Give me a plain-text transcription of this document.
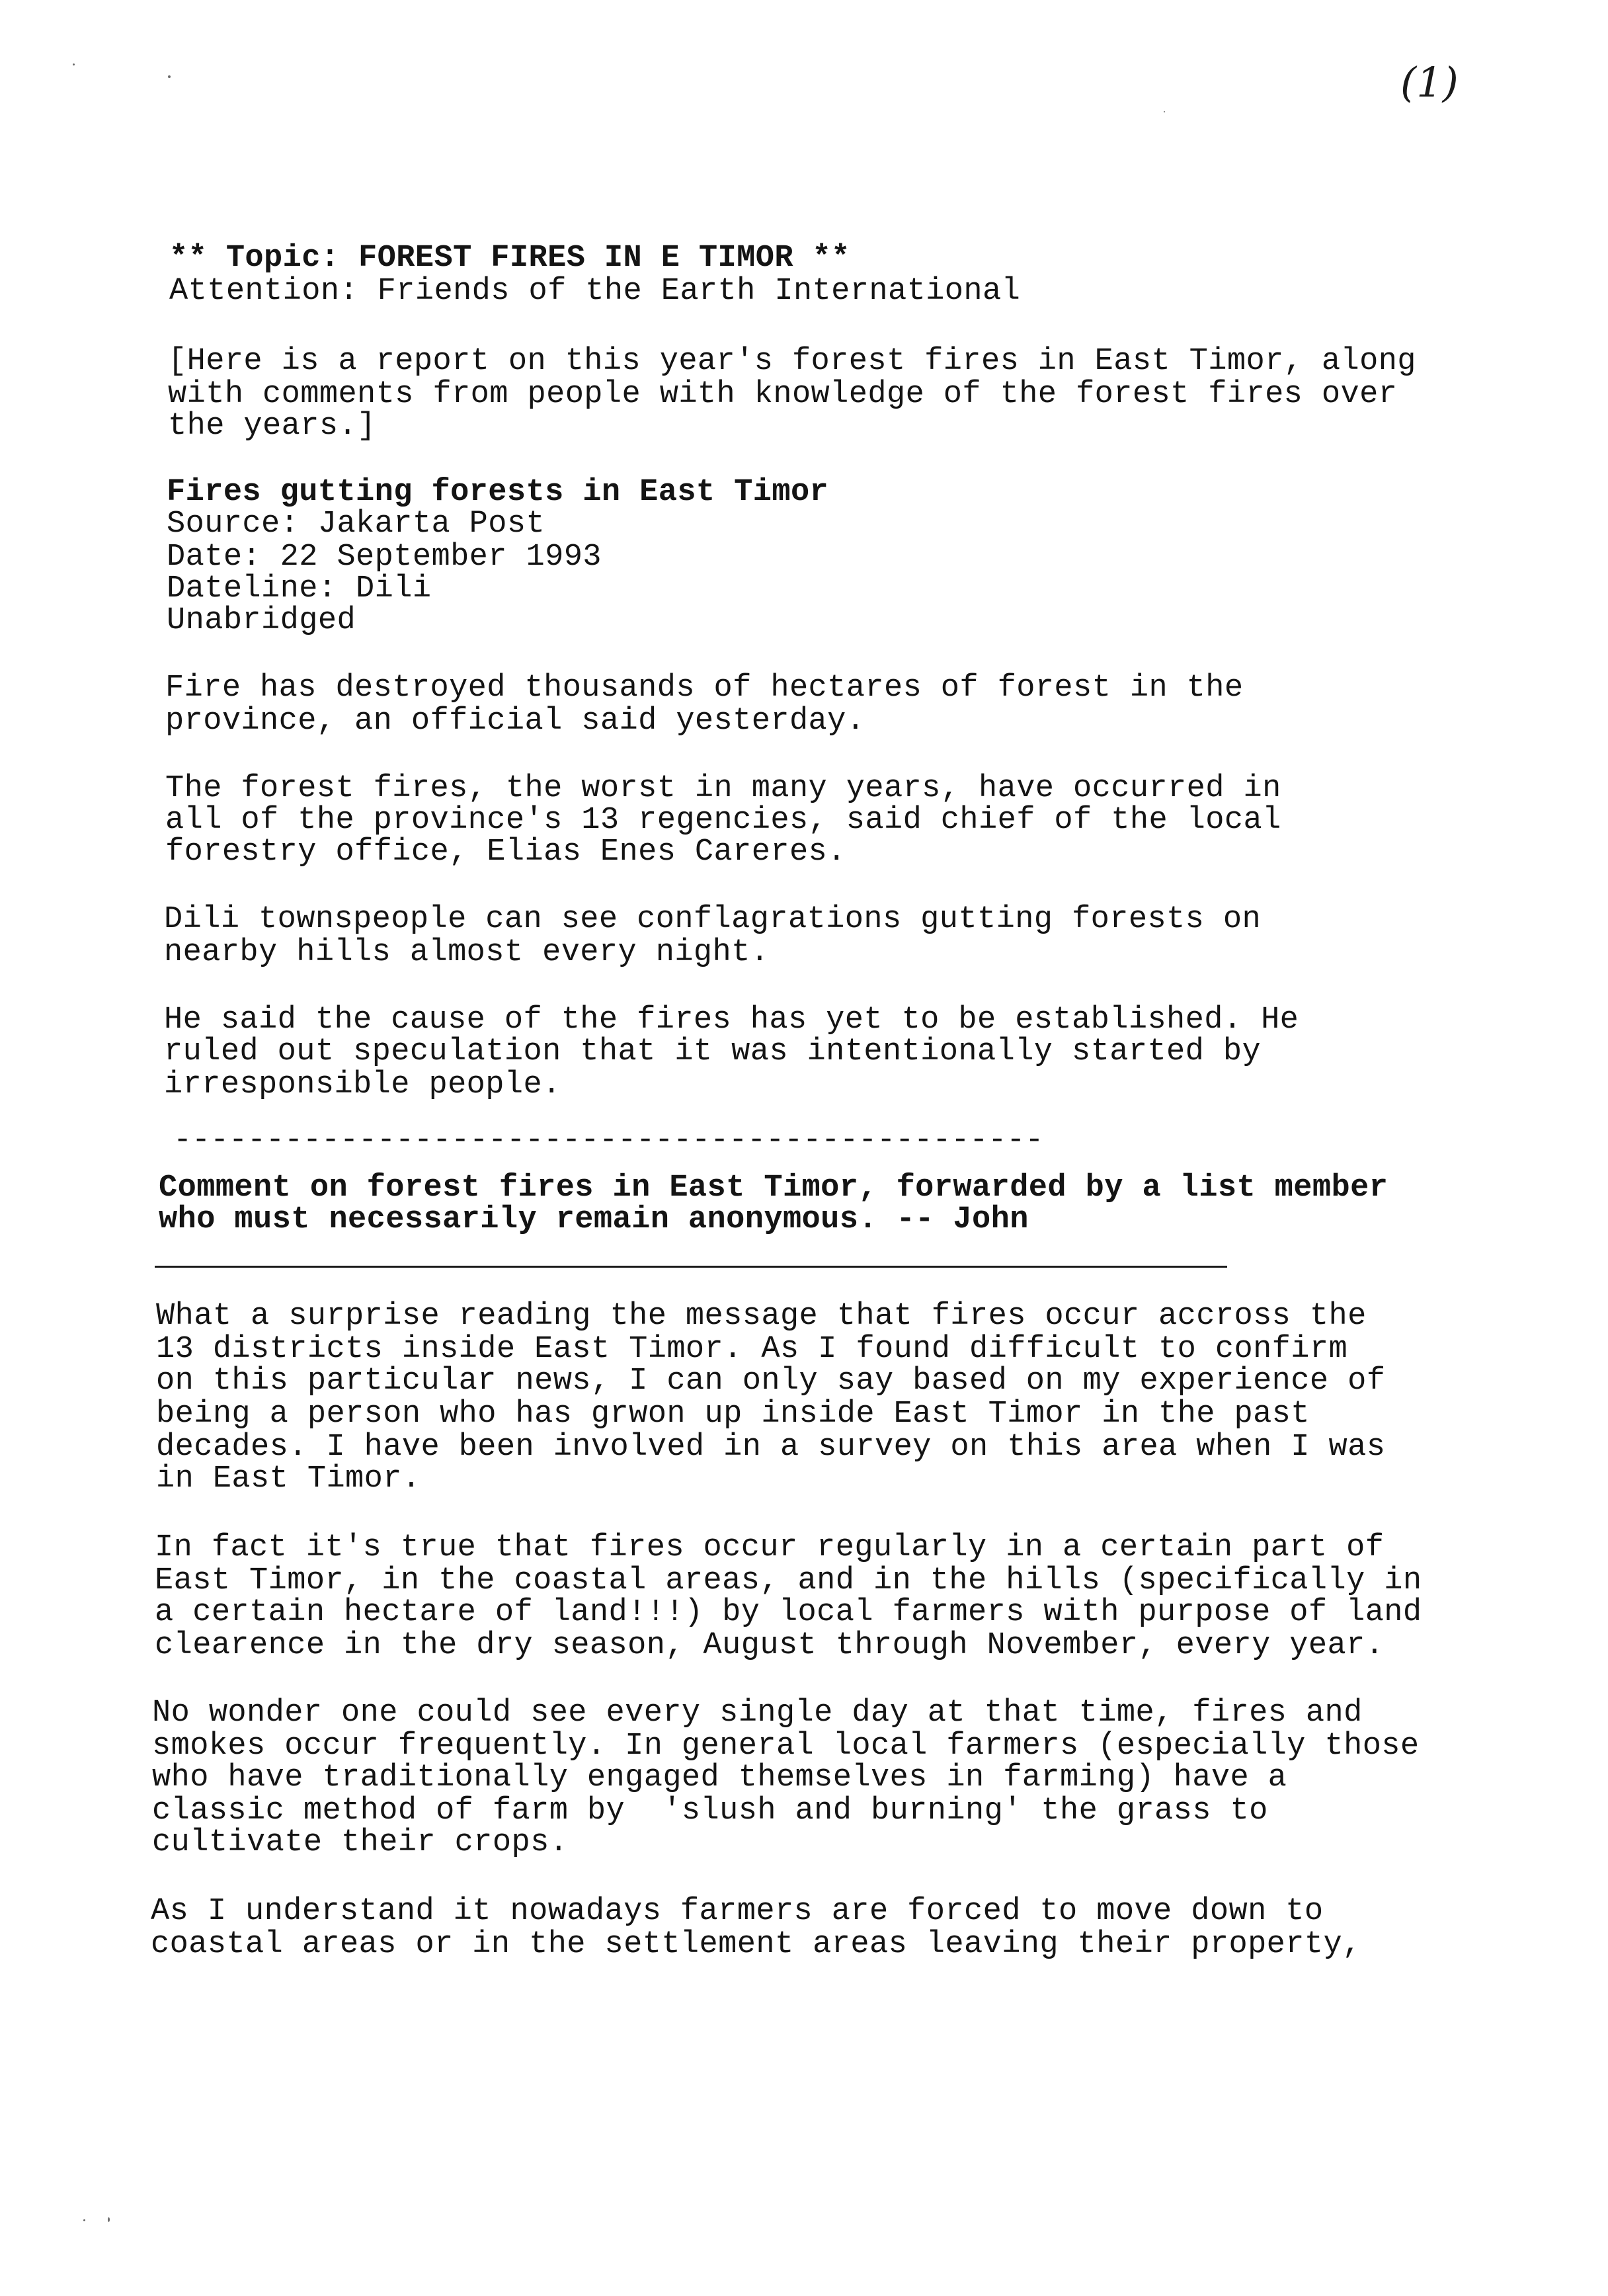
(1)
** Topic: FOREST FIRES IN E TIMOR **
Attention: Friends of the Earth International
[Here is a report on this year's forest fires in East Timor, along
with comments from people with knowledge of the forest fires over
the years.]
Fires gutting forests in East Timor
Source: Jakarta Post
Date: 22 September 1993
Dateline: Dili
Unabridged
Fire has destroyed thousands of hectares of forest in the
province, an official said yesterday.
The forest fires, the worst in many years, have occurred in
all of the province's 13 regencies, said chief of the local
forestry office, Elias Enes Careres.
Dili townspeople can see conflagrations gutting forests on
nearby hills almost every night.
He said the cause of the fires has yet to be established. He
ruled out speculation that it was intentionally started by
irresponsible people.
-----------------------------------------------
Comment on forest fires in East Timor, forwarded by a list member
who must necessarily remain anonymous. -- John
What a surprise reading the message that fires occur accross the
13 districts inside East Timor. As I found difficult to confirm
on this particular news, I can only say based on my experience of
being a person who has grwon up inside East Timor in the past
decades. I have been involved in a survey on this area when I was
in East Timor.
In fact it's true that fires occur regularly in a certain part of
East Timor, in the coastal areas, and in the hills (specifically in
a certain hectare of land!!!) by local farmers with purpose of land
clearence in the dry season, August through November, every year.
No wonder one could see every single day at that time, fires and
smokes occur frequently. In general local farmers (especially those
who have traditionally engaged themselves in farming) have a
classic method of farm by  'slush and burning' the grass to
cultivate their crops.
As I understand it nowadays farmers are forced to move down to
coastal areas or in the settlement areas leaving their property,
